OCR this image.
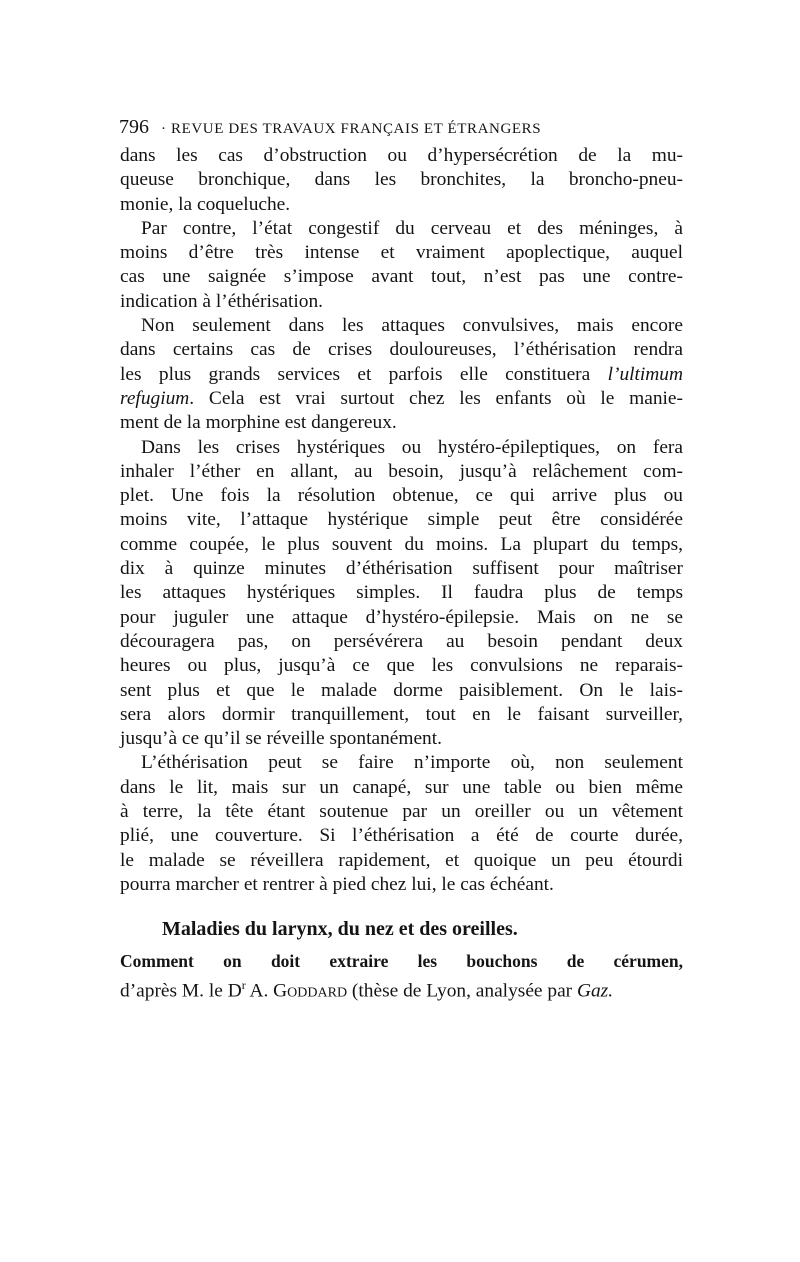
796 · REVUE DES TRAVAUX FRANÇAIS ET ÉTRANGERS
dans les cas d’obstruction ou d’hypersécrétion de la mu-
queuse bronchique, dans les bronchites, la broncho-pneu-
monie, la coqueluche.
Par contre, l’état congestif du cerveau et des méninges, à
moins d’être très intense et vraiment apoplectique, auquel
cas une saignée s’impose avant tout, n’est pas une contre-
indication à l’éthérisation.
Non seulement dans les attaques convulsives, mais encore
dans certains cas de crises douloureuses, l’éthérisation rendra
les plus grands services et parfois elle constituera l’ultimum
refugium. Cela est vrai surtout chez les enfants où le manie-
ment de la morphine est dangereux.
Dans les crises hystériques ou hystéro-épileptiques, on fera
inhaler l’éther en allant, au besoin, jusqu’à relâchement com-
plet. Une fois la résolution obtenue, ce qui arrive plus ou
moins vite, l’attaque hystérique simple peut être considérée
comme coupée, le plus souvent du moins. La plupart du temps,
dix à quinze minutes d’éthérisation suffisent pour maîtriser
les attaques hystériques simples. Il faudra plus de temps
pour juguler une attaque d’hystéro-épilepsie. Mais on ne se
découragera pas, on persévérera au besoin pendant deux
heures ou plus, jusqu’à ce que les convulsions ne reparais-
sent plus et que le malade dorme paisiblement. On le lais-
sera alors dormir tranquillement, tout en le faisant surveiller,
jusqu’à ce qu’il se réveille spontanément.
L’éthérisation peut se faire n’importe où, non seulement
dans le lit, mais sur un canapé, sur une table ou bien même
à terre, la tête étant soutenue par un oreiller ou un vêtement
plié, une couverture. Si l’éthérisation a été de courte durée,
le malade se réveillera rapidement, et quoique un peu étourdi
pourra marcher et rentrer à pied chez lui, le cas échéant.
Maladies du larynx, du nez et des oreilles.
Comment on doit extraire les bouchons de cérumen,
d’après M. le $D^r$ A. Goddard (thèse de Lyon, analysée par Gaz.
